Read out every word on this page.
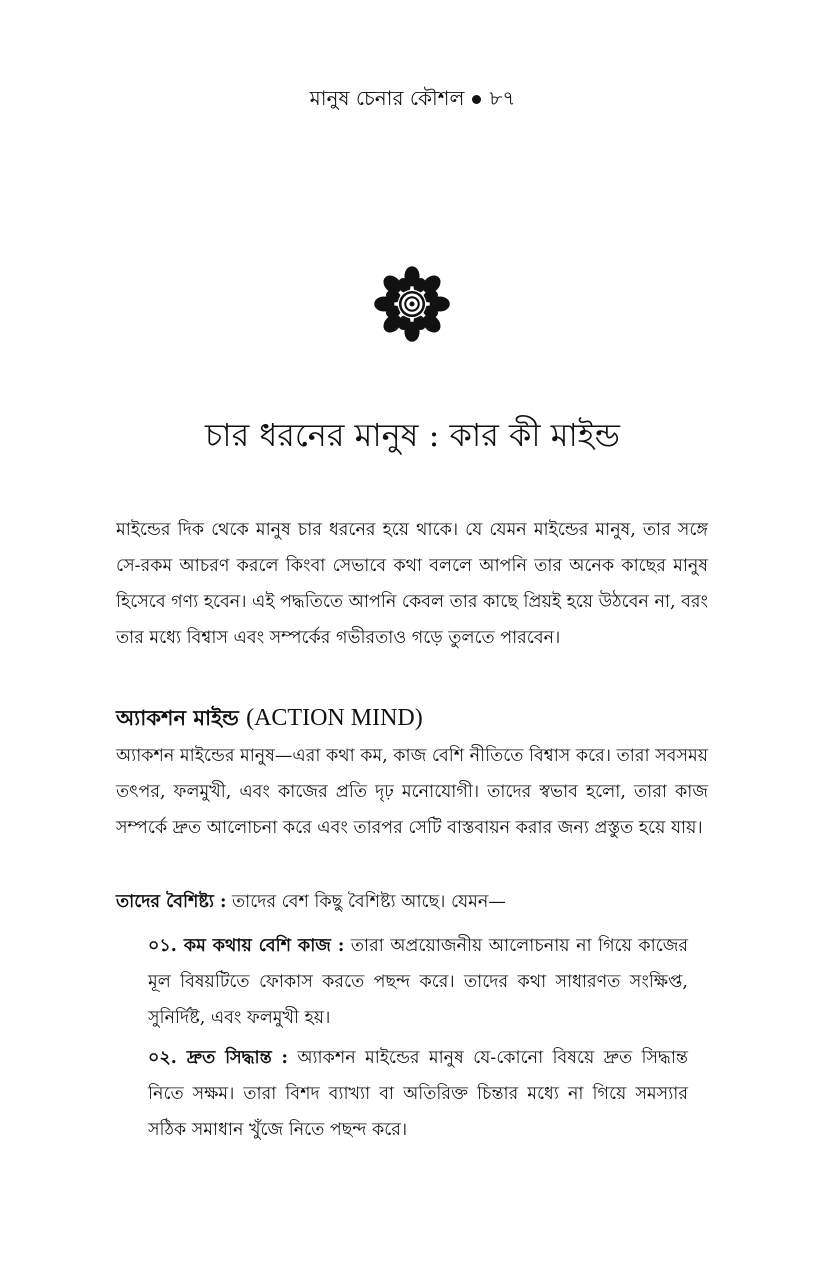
মানুষ চেনার কৌশল ৮৭
চার ধরনের মানুষ : কার কী মাইন্ড
মাইন্ডের দিক থেকে মানুষ চার ধরনের হয়ে থাকে। যে যেমন মাইন্ডের মানুষ, তার সঙ্গে সে-রকম আচরণ করলে কিংবা সেভাবে কথা বললে আপনি তার অনেক কাছের মানুষ হিসেবে গণ্য হবেন। এই পদ্ধতিতে আপনি কেবল তার কাছে প্রিয়ই হয়ে উঠবেন না, বরং তার মধ্যে বিশ্বাস এবং সম্পর্কের গভীরতাও গড়ে তুলতে পারবেন।
অ্যাকশন মাইন্ড (ACTION MIND)
অ্যাকশন মাইন্ডের মানুষ—এরা কথা কম, কাজ বেশি নীতিতে বিশ্বাস করে। তারা সবসময় তৎপর, ফলমুখী, এবং কাজের প্রতি দৃঢ় মনোযোগী। তাদের স্বভাব হলো, তারা কাজ সম্পর্কে দ্রুত আলোচনা করে এবং তারপর সেটি বাস্তবায়ন করার জন্য প্রস্তুত হয়ে যায়।
তাদের বৈশিষ্ট্য : তাদের বেশ কিছু বৈশিষ্ট্য আছে। যেমন—
০১. কম কথায় বেশি কাজ : তারা অপ্রয়োজনীয় আলোচনায় না গিয়ে কাজের মূল বিষয়টিতে ফোকাস করতে পছন্দ করে। তাদের কথা সাধারণত সংক্ষিপ্ত, সুনির্দিষ্ট, এবং ফলমুখী হয়।
০২. দ্রুত সিদ্ধান্ত : অ্যাকশন মাইন্ডের মানুষ যে-কোনো বিষয়ে দ্রুত সিদ্ধান্ত নিতে সক্ষম। তারা বিশদ ব্যাখ্যা বা অতিরিক্ত চিন্তার মধ্যে না গিয়ে সমস্যার সঠিক সমাধান খুঁজে নিতে পছন্দ করে।
